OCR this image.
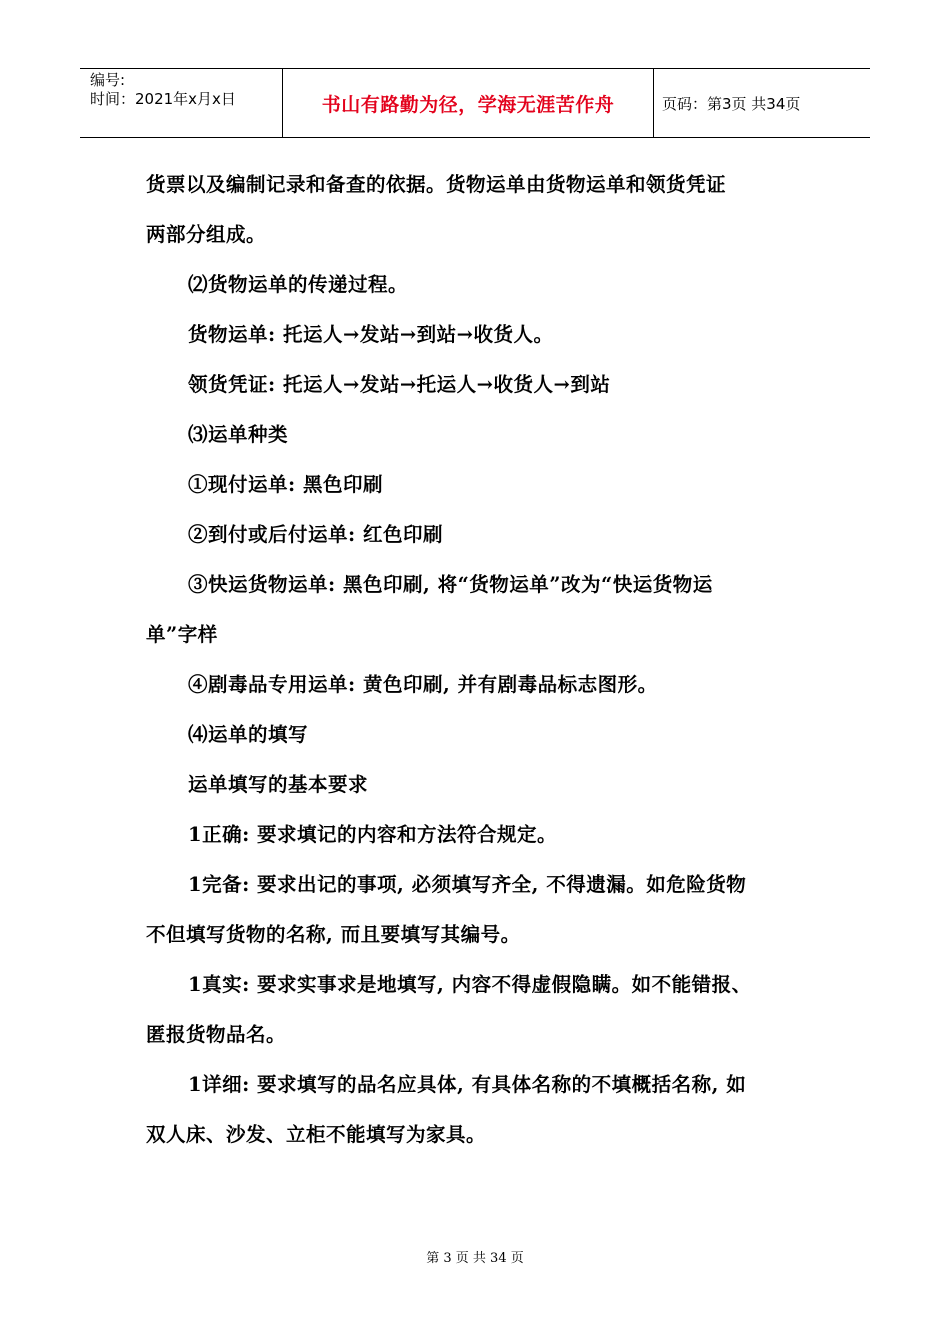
编号:
时间：2021年x月x日	书山有路勤为径，学海无涯苦作舟	页码：第3页 共34页
货票以及编制记录和备查的依据。货物运单由货物运单和领货凭证
两部分组成。
⑵货物运单的传递过程。
货物运单: 托运人→发站→到站→收货人。
领货凭证: 托运人→发站→托运人→收货人→到站
⑶运单种类
①现付运单: 黑色印刷
②到付或后付运单: 红色印刷
③快运货物运单: 黑色印刷, 将“货物运单”改为“快运货物运
单”字样
④剧毒品专用运单: 黄色印刷, 并有剧毒品标志图形。
⑷运单的填写
运单填写的基本要求
1正确: 要求填记的内容和方法符合规定。
1完备: 要求出记的事项, 必须填写齐全, 不得遗漏。如危险货物
不但填写货物的名称, 而且要填写其编号。
1真实: 要求实事求是地填写, 内容不得虚假隐瞒。如不能错报、
匿报货物品名。
1详细: 要求填写的品名应具体, 有具体名称的不填概括名称, 如
双人床、沙发、立柜不能填写为家具。
第 3 页 共 34 页
